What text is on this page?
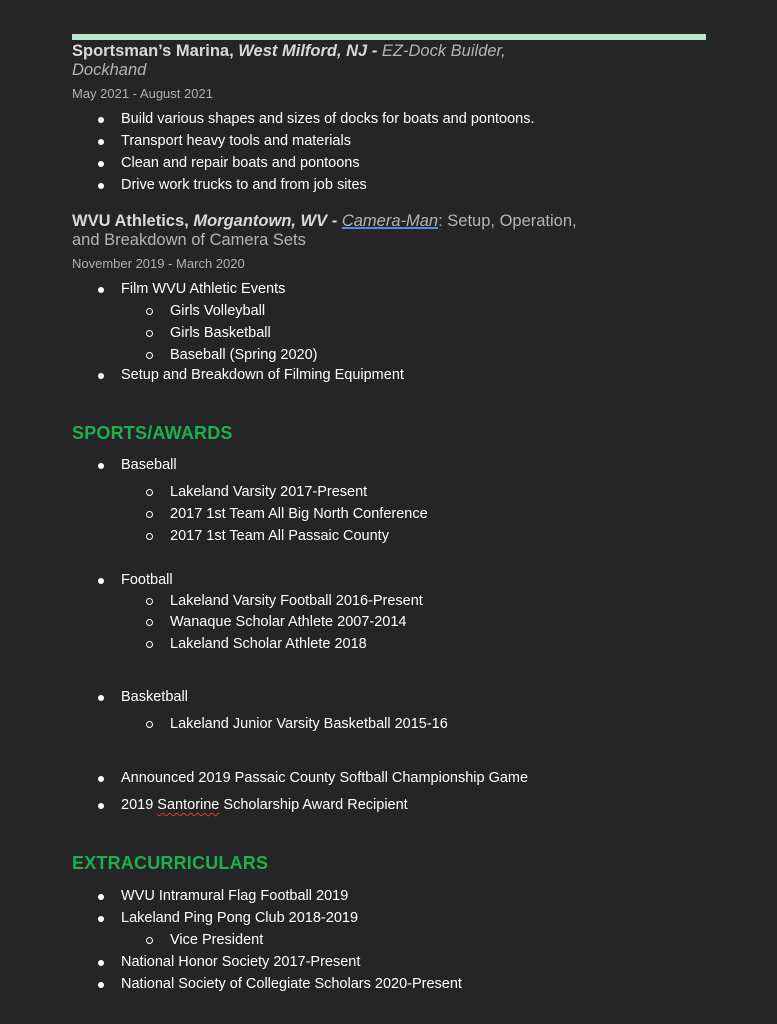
Sportsman’s Marina, West Milford, NJ - EZ-Dock Builder,
Dockhand
May 2021 - August 2021
Build various shapes and sizes of docks for boats and pontoons.
Transport heavy tools and materials
Clean and repair boats and pontoons
Drive work trucks to and from job sites
WVU Athletics, Morgantown, WV - Camera-Man: Setup, Operation,
and Breakdown of Camera Sets
November 2019 - March 2020
Film WVU Athletic Events
Girls Volleyball
Girls Basketball
Baseball (Spring 2020)
Setup and Breakdown of Filming Equipment
SPORTS/AWARDS
Baseball
Lakeland Varsity 2017-Present
2017 1st Team All Big North Conference
2017 1st Team All Passaic County
Football
Lakeland Varsity Football 2016-Present
Wanaque Scholar Athlete 2007-2014
Lakeland Scholar Athlete 2018
Basketball
Lakeland Junior Varsity Basketball 2015-16
Announced 2019 Passaic County Softball Championship Game
2019 Santorine Scholarship Award Recipient
EXTRACURRICULARS
WVU Intramural Flag Football 2019
Lakeland Ping Pong Club 2018-2019
Vice President
National Honor Society 2017-Present
National Society of Collegiate Scholars 2020-Present
